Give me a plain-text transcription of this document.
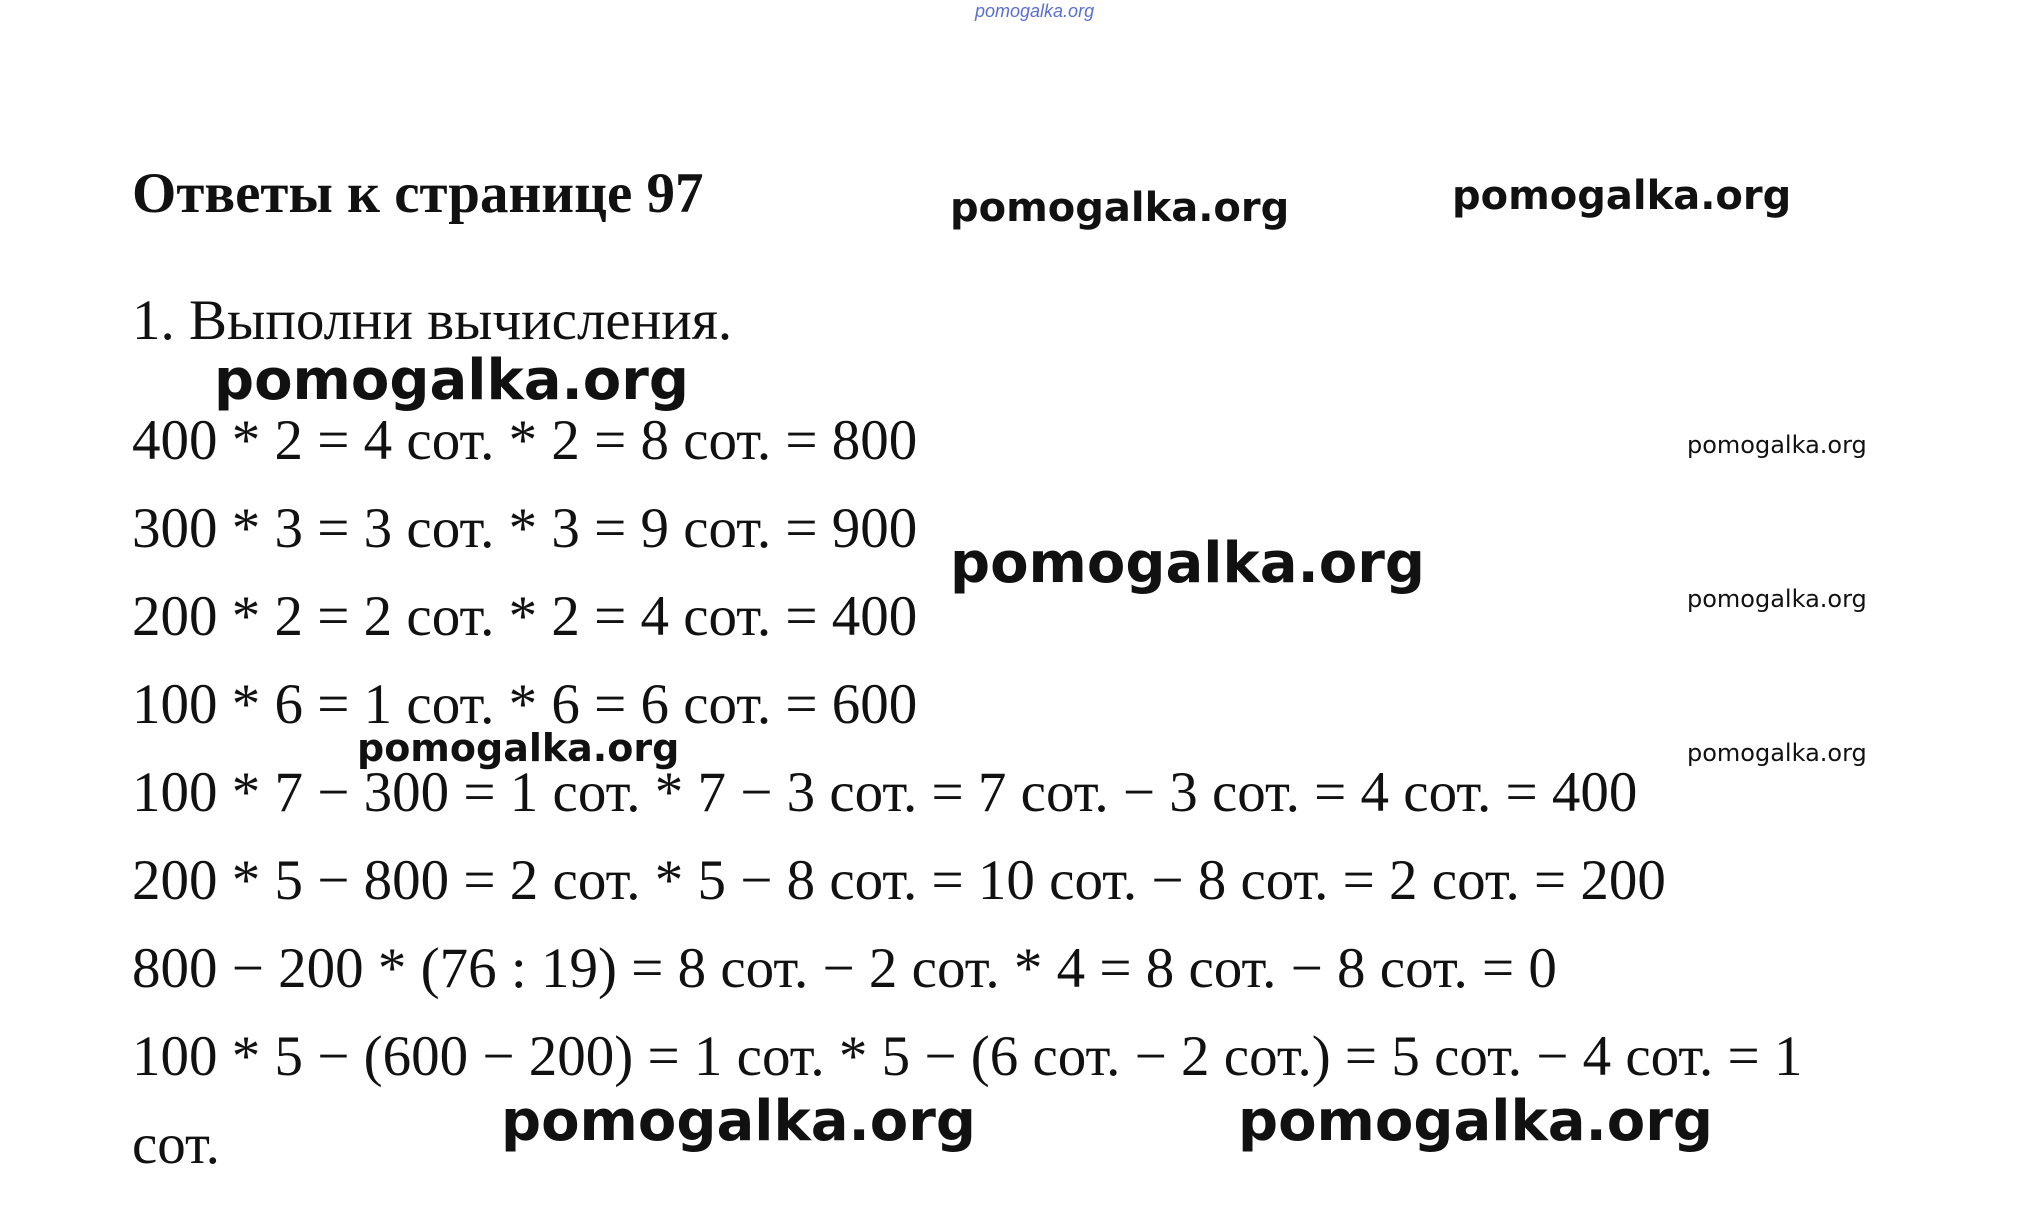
pomogalka.org
Ответы к странице 97
1. Выполни вычисления.
400 * 2 = 4 сот. * 2 = 8 сот. = 800
300 * 3 = 3 сот. * 3 = 9 сот. = 900
200 * 2 = 2 сот. * 2 = 4 сот. = 400
100 * 6 = 1 сот. * 6 = 6 сот. = 600
100 * 7 − 300 = 1 сот. * 7 − 3 сот. = 7 сот. − 3 сот. = 4 сот. = 400
200 * 5 − 800 = 2 сот. * 5 − 8 сот. = 10 сот. − 8 сот. = 2 сот. = 200
800 − 200 * (76 : 19) = 8 сот. − 2 сот. * 4 = 8 сот. − 8 сот. = 0
100 * 5 − (600 − 200) = 1 сот. * 5 − (6 сот. − 2 сот.) = 5 сот. − 4 сот. = 1
сот.
pomogalka.org	pomogalka.org
pomogalka.org
pomogalka.org
pomogalka.org
pomogalka.org
pomogalka.org	pomogalka.org
pomogalka.org	pomogalka.org
